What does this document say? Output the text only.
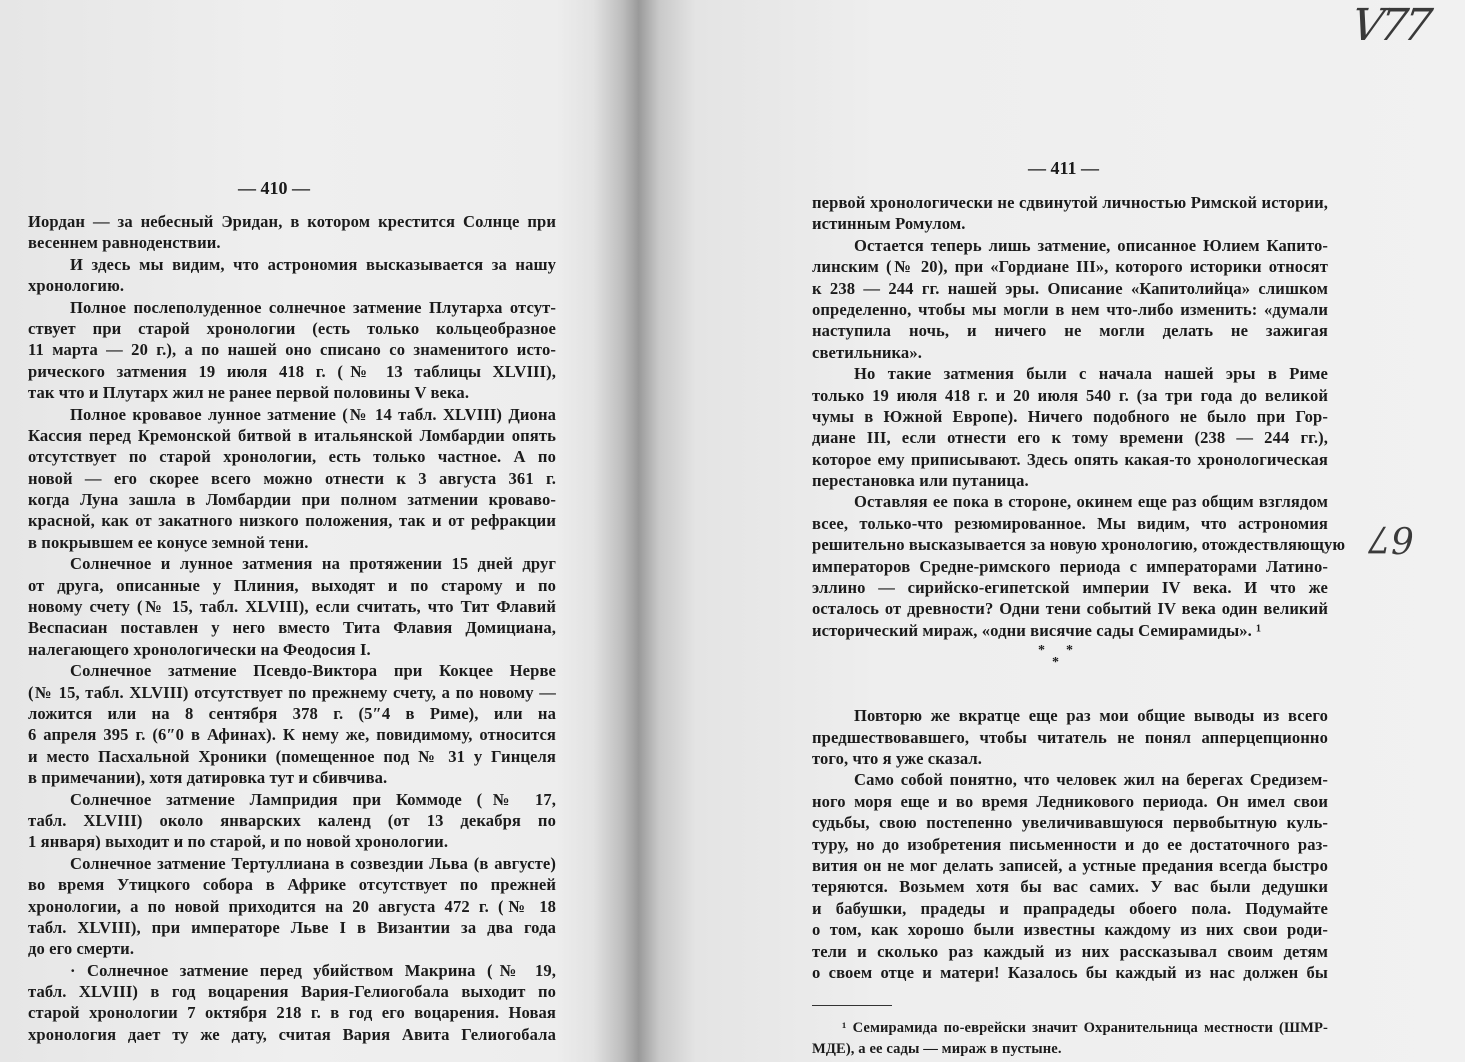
— 410 —
— 411 —
Иордан — за небесный Эридан, в котором крестится Солнце при
весеннем равноденствии.
И здесь мы видим, что астрономия высказывается за нашу
хронологию.
Полное послеполуденное солнечное затмение Плутарха отсут-
ствует при старой хронологии (есть только кольцеобразное
11 марта — 20 г.), а по нашей оно списано со знаменитого исто-
рического затмения 19 июля 418 г. (№ 13 таблицы XLVIII),
так что и Плутарх жил не ранее первой половины V века.
Полное кровавое лунное затмение (№ 14 табл. XLVIII) Диона
Кассия перед Кремонской битвой в итальянской Ломбардии опять
отсутствует по старой хронологии, есть только частное. А по
новой — его скорее всего можно отнести к 3 августа 361 г.
когда Луна зашла в Ломбардии при полном затмении кроваво-
красной, как от закатного низкого положения, так и от рефракции
в покрывшем ее конусе земной тени.
Солнечное и лунное затмения на протяжении 15 дней друг
от друга, описанные у Плиния, выходят и по старому и по
новому счету (№ 15, табл. XLVIII), если считать, что Тит Флавий
Веспасиан поставлен у него вместо Тита Флавия Домициана,
налегающего хронологически на Феодосия I.
Солнечное затмение Псевдо-Виктора при Кокцее Нерве
(№ 15, табл. XLVIII) отсутствует по прежнему счету, а по новому —
ложится или на 8 сентября 378 г. (5″4 в Риме), или на
6 апреля 395 г. (6″0 в Афинах). К нему же, повидимому, относится
и место Пасхальной Хроники (помещенное под № 31 у Гинцеля
в примечании), хотя датировка тут и сбивчива.
Солнечное затмение Лампридия при Коммоде (№ 17,
табл. XLVIII) около январских календ (от 13 декабря по
1 января) выходит и по старой, и по новой хронологии.
Солнечное затмение Тертуллиана в созвездии Льва (в августе)
во время Утицкого собора в Африке отсутствует по прежней
хронологии, а по новой приходится на 20 августа 472 г. (№ 18
табл. XLVIII), при императоре Льве I в Византии за два года
до его смерти.
· Солнечное затмение перед убийством Макрина (№ 19,
табл. XLVIII) в год воцарения Вария-Гелиогобала выходит по
старой хронологии 7 октября 218 г. в год его воцарения. Новая
хронология дает ту же дату, считая Вария Авита Гелиогобала
первой хронологически не сдвинутой личностью Римской истории,
истинным Ромулом.
Остается теперь лишь затмение, описанное Юлием Капито-
линским (№ 20), при «Гордиане III», которого историки относят
к 238 — 244 гг. нашей эры. Описание «Капитолийца» слишком
определенно, чтобы мы могли в нем что-либо изменить: «думали
наступила ночь, и ничего не могли делать не зажигая
светильника».
Но такие затмения были с начала нашей эры в Риме
только 19 июля 418 г. и 20 июля 540 г. (за три года до великой
чумы в Южной Европе). Ничего подобного не было при Гор-
диане III, если отнести его к тому времени (238 — 244 гг.),
которое ему приписывают. Здесь опять какая-то хронологическая
перестановка или путаница.
Оставляя ее пока в стороне, окинем еще раз общим взглядом
всее, только-что резюмированное. Мы видим, что астрономия
решительно высказывается за новую хронологию, отождествляющую
императоров Средне-римского периода с императорами Латино-
эллино — сирийско-египетской империи IV века. И что же
осталось от древности? Одни тени событий IV века один великий
исторический мираж, «одни висячие сады Семирамиды». ¹
* *
*
Повторю же вкратце еще раз мои общие выводы из всего
предшествовавшего, чтобы читатель не понял апперцепционно
того, что я уже сказал.
Само собой понятно, что человек жил на берегах Средизем-
ного моря еще и во время Ледникового периода. Он имел свои
судьбы, свою постепенно увеличивавшуюся первобытную куль-
туру, но до изобретения письменности и до ее достаточного раз-
вития он не мог делать записей, а устные предания всегда быстро
теряются. Возьмем хотя бы вас самих. У вас были дедушки
и бабушки, прадеды и прапрадеды обоего пола. Подумайте
о том, как хорошо были известны каждому из них свои роди-
тели и сколько раз каждый из них рассказывал своим детям
о своем отце и матери! Казалось бы каждый из нас должен бы
¹ Семирамида по-еврейски значит Охранительница местности (ШМР-
МДЕ), а ее сады — мираж в пустыне.
V77
67
